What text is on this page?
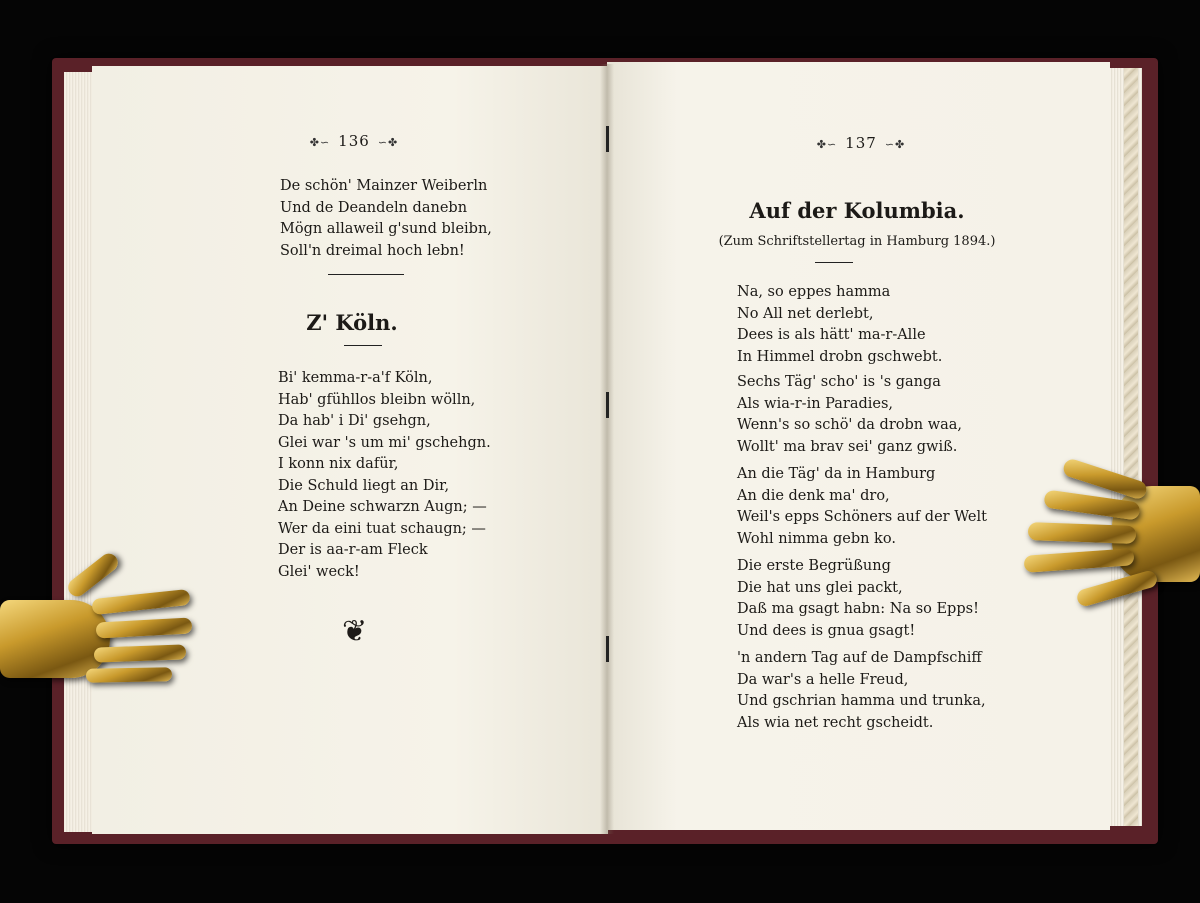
✤∽ 136 ∽✤
De schön' Mainzer Weiberln
Und de Deandeln danebn
Mögn allaweil g'sund bleibn,
Soll'n dreimal hoch lebn!
Z' Köln.
Bi' kemma-r-a'f Köln,
Hab' gfühllos bleibn wölln,
Da hab' i Di' gsehgn,
Glei war 's um mi' gschehgn.
I konn nix dafür,
Die Schuld liegt an Dir,
An Deine schwarzn Augn; —
Wer da eini tuat schaugn; —
Der is aa-r-am Fleck
Glei' weck!
❦
✤∽ 137 ∽✤
Auf der Kolumbia.
(Zum Schriftstellertag in Hamburg 1894.)
Na, so eppes hamma
No All net derlebt,
Dees is als hätt' ma-r-Alle
In Himmel drobn gschwebt.
Sechs Täg' scho' is 's ganga
Als wia-r-in Paradies,
Wenn's so schö' da drobn waa,
Wollt' ma brav sei' ganz gwiß.
An die Täg' da in Hamburg
An die denk ma' dro,
Weil's epps Schöners auf der Welt
Wohl nimma gebn ko.
Die erste Begrüßung
Die hat uns glei packt,
Daß ma gsagt habn: Na so Epps!
Und dees is gnua gsagt!
'n andern Tag auf de Dampfschiff
Da war's a helle Freud,
Und gschrian hamma und trunka,
Als wia net recht gscheidt.
